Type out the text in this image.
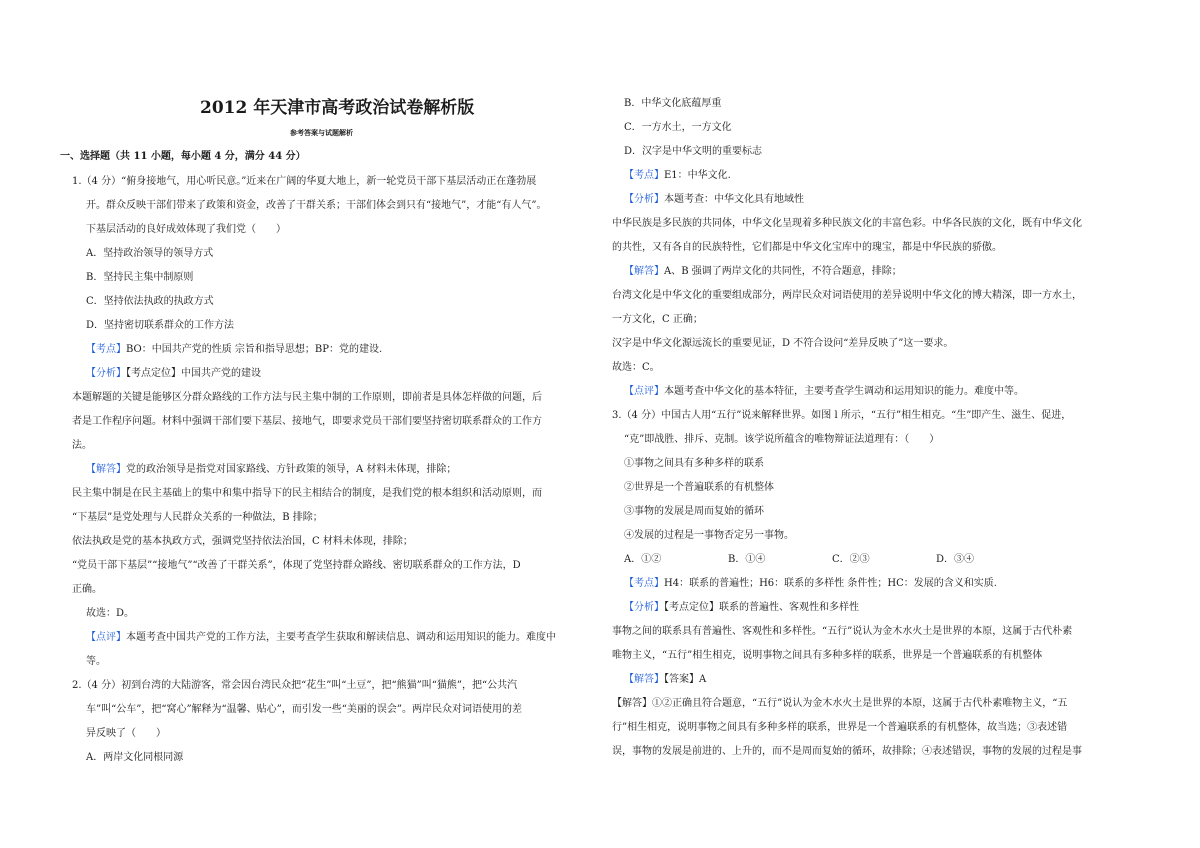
2012 年天津市高考政治试卷解析版
参考答案与试题解析
一、选择题（共 11 小题，每小题 4 分，满分 44 分）
1.（4 分）“俯身接地气，用心听民意。”近来在广阔的华夏大地上，新一轮党员干部下基层活动正在蓬勃展
开。群众反映干部们带来了政策和资金，改善了干群关系；干部们体会到只有“接地气”，才能“有人气”。
下基层活动的良好成效体现了我们党（　　）
A．坚持政治领导的领导方式
B．坚持民主集中制原则
C．坚持依法执政的执政方式
D．坚持密切联系群众的工作方法
【考点】BO：中国共产党的性质 宗旨和指导思想；BP：党的建设.
【分析】【考点定位】中国共产党的建设
本题解题的关键是能够区分群众路线的工作方法与民主集中制的工作原则，即前者是具体怎样做的问题，后
者是工作程序问题。材料中强调干部们要下基层、接地气，即要求党员干部们要坚持密切联系群众的工作方
法。
【解答】党的政治领导是指党对国家路线、方针政策的领导，A 材料未体现，排除；
民主集中制是在民主基础上的集中和集中指导下的民主相结合的制度，是我们党的根本组织和活动原则，而
“下基层”是党处理与人民群众关系的一种做法，B 排除；
依法执政是党的基本执政方式，强调党坚持依法治国，C 材料未体现，排除；
“党员干部下基层”“接地气”“改善了干群关系”，体现了党坚持群众路线、密切联系群众的工作方法，D
正确。
故选：D。
【点评】本题考查中国共产党的工作方法，主要考查学生获取和解读信息、调动和运用知识的能力。难度中
等。
2.（4 分）初到台湾的大陆游客，常会因台湾民众把“花生”叫“土豆”，把“熊猫”叫“猫熊”，把“公共汽
车”叫“公车”，把“窝心”解释为“温馨、贴心”，而引发一些“美丽的误会”。两岸民众对词语使用的差
异反映了（　　）
A．两岸文化同根同源
B．中华文化底蕴厚重
C．一方水土，一方文化
D．汉字是中华文明的重要标志
【考点】E1：中华文化.
【分析】本题考查：中华文化具有地域性
中华民族是多民族的共同体，中华文化呈现着多种民族文化的丰富色彩。中华各民族的文化，既有中华文化
的共性，又有各自的民族特性，它们都是中华文化宝库中的瑰宝，都是中华民族的骄傲。
【解答】A、B 强调了两岸文化的共同性，不符合题意，排除；
台湾文化是中华文化的重要组成部分，两岸民众对词语使用的差异说明中华文化的博大精深，即一方水土，
一方文化，C 正确；
汉字是中华文化源远流长的重要见证，D 不符合设问“差异反映了”这一要求。
故选：C。
【点评】本题考查中华文化的基本特征，主要考查学生调动和运用知识的能力。难度中等。
3.（4 分）中国古人用“五行”说来解释世界。如图 l 所示，“五行”相生相克。“生”即产生、滋生、促进，
“克”即战胜、排斥、克制。该学说所蕴含的唯物辩证法道理有：（　　）
①事物之间具有多种多样的联系
②世界是一个普遍联系的有机整体
③事物的发展是周而复始的循环
④发展的过程是一事物否定另一事物。
A．①②	B．①④	C．②③	D．③④
【考点】H4：联系的普遍性；H6：联系的多样性 条件性；HC：发展的含义和实质.
【分析】【考点定位】联系的普遍性、客观性和多样性
事物之间的联系具有普遍性、客观性和多样性。“五行”说认为金木水火土是世界的本原，这属于古代朴素
唯物主义，“五行”相生相克，说明事物之间具有多种多样的联系，世界是一个普遍联系的有机整体
【解答】【答案】A
【解答】①②正确且符合题意，“五行”说认为金木水火土是世界的本原，这属于古代朴素唯物主义，“五
行”相生相克，说明事物之间具有多种多样的联系，世界是一个普遍联系的有机整体，故当选；③表述错
误，事物的发展是前进的、上升的，而不是周而复始的循环，故排除；④表述错误，事物的发展的过程是事
